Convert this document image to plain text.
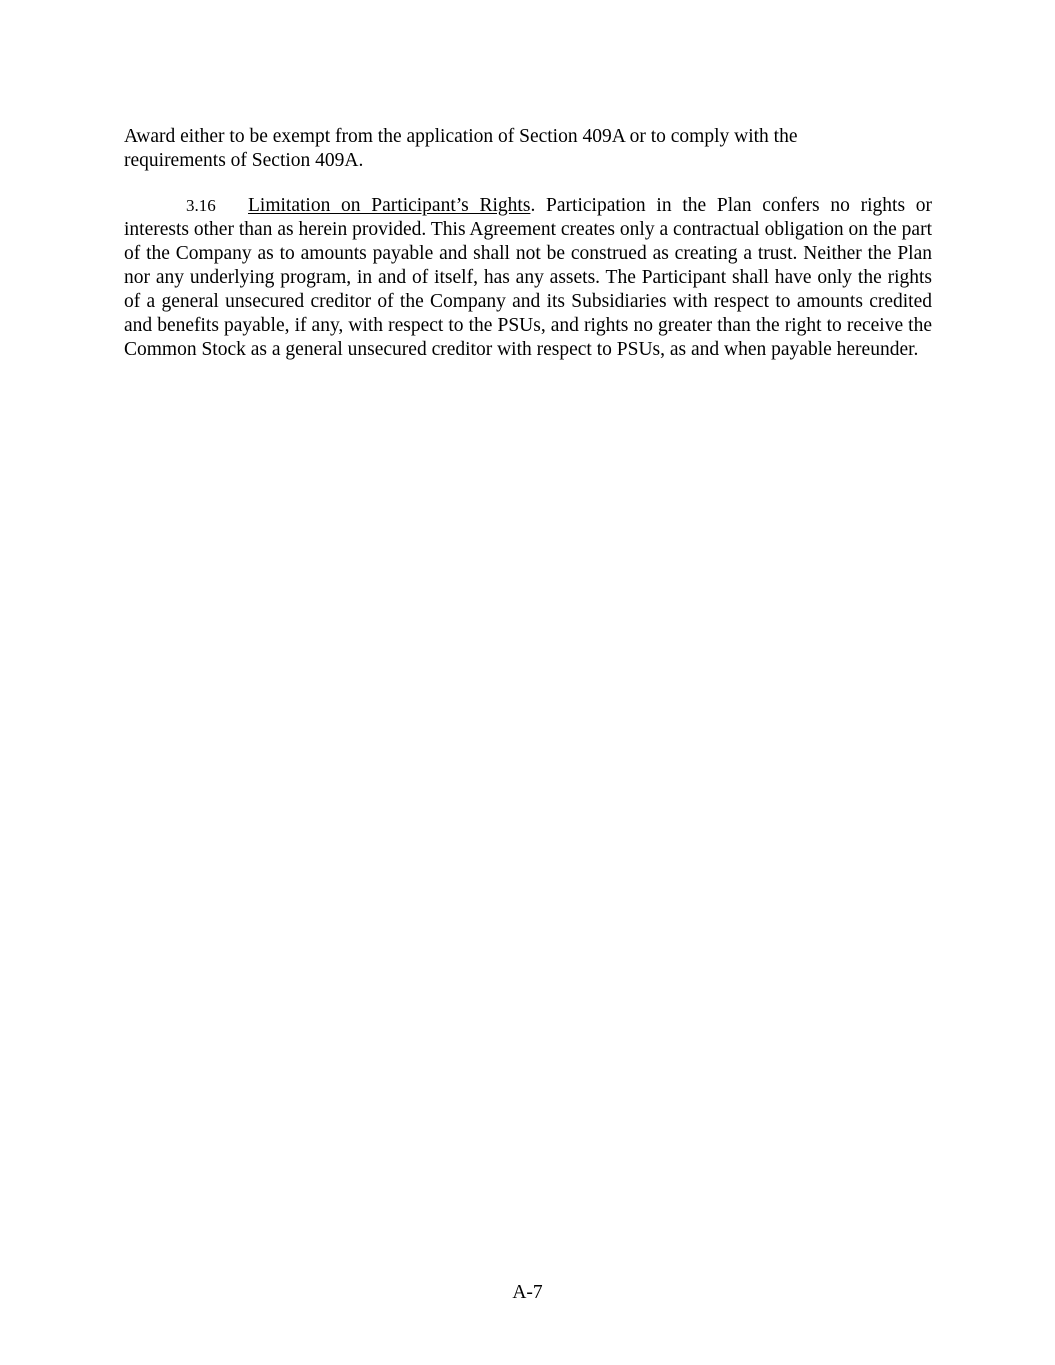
Award either to be exempt from the application of Section 409A or to comply with the
requirements of Section 409A.
3.16 Limitation on Participant’s Rights. Participation in the Plan confers no rights or interests other than as herein provided. This Agreement creates only a contractual obligation on the part of the Company as to amounts payable and shall not be construed as creating a trust. Neither the Plan nor any underlying program, in and of itself, has any assets. The Participant shall have only the rights of a general unsecured creditor of the Company and its Subsidiaries with respect to amounts credited and benefits payable, if any, with respect to the PSUs, and rights no greater than the right to receive the Common Stock as a general unsecured creditor with respect to PSUs, as and when payable hereunder.
A-7
